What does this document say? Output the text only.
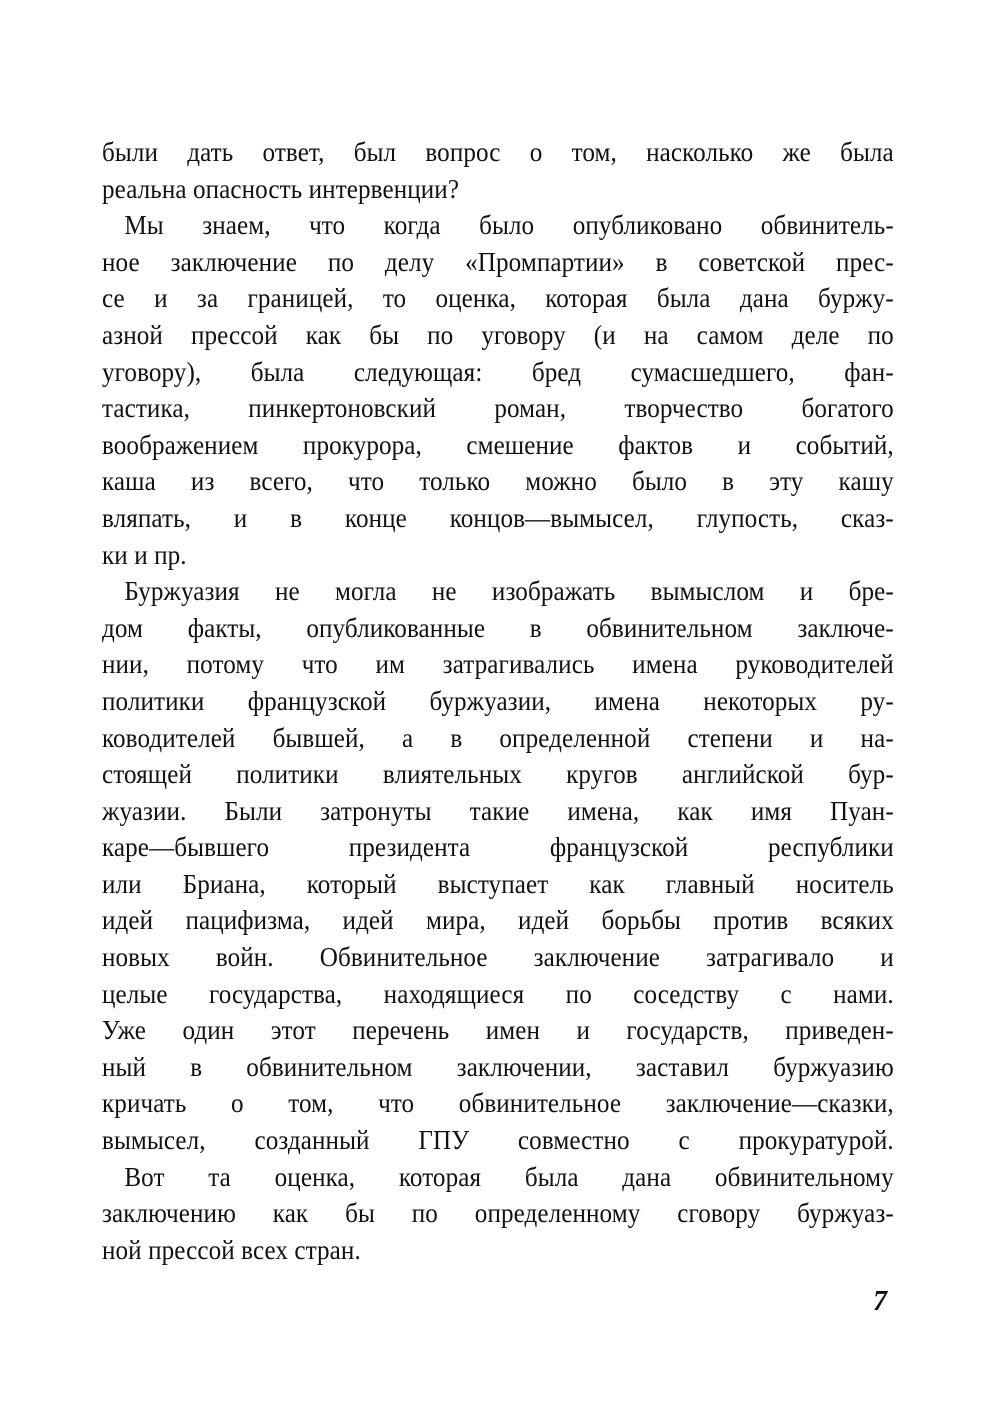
были дать ответ, был вопрос о том, насколько же была
реальна опасность интервенции?
Мы знаем, что когда было опубликовано обвинитель-
ное заключение по делу «Промпартии» в советской прес-
се и за границей, то оценка, которая была дана буржу-
азной прессой как бы по уговору (и на самом деле по
уговору), была следующая: бред сумасшедшего, фан-
тастика, пинкертоновский роман, творчество богатого
воображением прокурора, смешение фактов и событий,
каша из всего, что только можно было в эту кашу
вляпать, и в конце концов—вымысел, глупость, сказ-
ки и пр.
Буржуазия не могла не изображать вымыслом и бре-
дом факты, опубликованные в обвинительном заключе-
нии, потому что им затрагивались имена руководителей
политики французской буржуазии, имена некоторых ру-
ководителей бывшей, а в определенной степени и на-
стоящей политики влиятельных кругов английской бур-
жуазии. Были затронуты такие имена, как имя Пуан-
каре—бывшего президента французской республики
или Бриана, который выступает как главный носитель
идей пацифизма, идей мира, идей борьбы против всяких
новых войн. Обвинительное заключение затрагивало и
целые государства, находящиеся по соседству с нами.
Уже один этот перечень имен и государств, приведен-
ный в обвинительном заключении, заставил буржуазию
кричать о том, что обвинительное заключение—сказки,
вымысел, созданный ГПУ совместно с прокуратурой.
Вот та оценка, которая была дана обвинительному
заключению как бы по определенному сговору буржуаз-
ной прессой всех стран.
7
